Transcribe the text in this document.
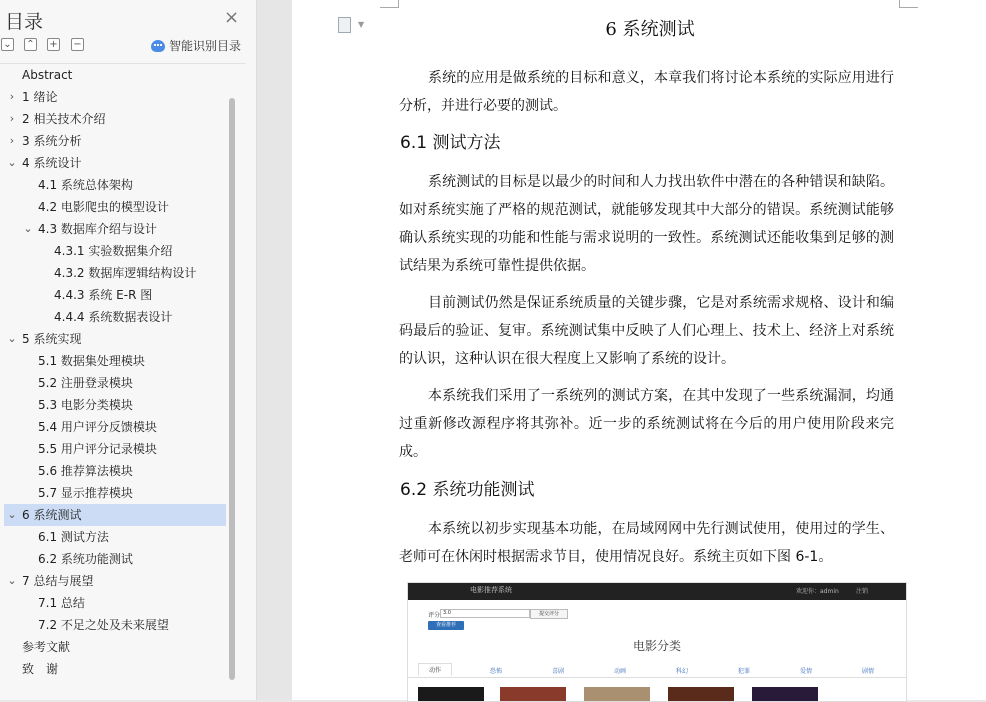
目录	×
⌄ ⌃ + −	智能识别目录
Abstract
› 1 绪论
› 2 相关技术介绍
› 3 系统分析
⌄ 4 系统设计
4.1 系统总体架构
4.2 电影爬虫的模型设计
⌄ 4.3 数据库介绍与设计
4.3.1 实验数据集介绍
4.3.2 数据库逻辑结构设计
4.4.3 系统 E-R 图
4.4.4 系统数据表设计
⌄ 5 系统实现
5.1 数据集处理模块
5.2 注册登录模块
5.3 电影分类模块
5.4 用户评分反馈模块
5.5 用户评分记录模块
5.6 推荐算法模块
5.7 显示推荐模块
⌄ 6 系统测试
6.1 测试方法
6.2 系统功能测试
⌄ 7 总结与展望
7.1 总结
7.2 不足之处及未来展望
参考文献
致　谢
▼	6 系统测试
系统的应用是做系统的目标和意义，本章我们将讨论本系统的实际应用进行分析，并进行必要的测试。
6.1 测试方法
系统测试的目标是以最少的时间和人力找出软件中潜在的各种错误和缺陷。如对系统实施了严格的规范测试，就能够发现其中大部分的错误。系统测试能够确认系统实现的功能和性能与需求说明的一致性。系统测试还能收集到足够的测试结果为系统可靠性提供依据。
目前测试仍然是保证系统质量的关键步骤，它是对系统需求规格、设计和编码最后的验证、复审。系统测试集中反映了人们心理上、技术上、经济上对系统的认识，这种认识在很大程度上又影响了系统的设计。
本系统我们采用了一系统列的测试方案，在其中发现了一些系统漏洞，均通过重新修改源程序将其弥补。近一步的系统测试将在今后的用户使用阶段来完成。
6.2 系统功能测试
本系统以初步实现基本功能，在局域网网中先行测试使用，使用过的学生、老师可在休闲时根据需求节目，使用情况良好。系统主页如下图 6-1。
电影推荐系统	欢迎你：admin	注销
评分 3.0	提交评分
查看推荐
电影分类
动作	恐怖	喜剧	动画	科幻	犯罪	爱情	剧情
